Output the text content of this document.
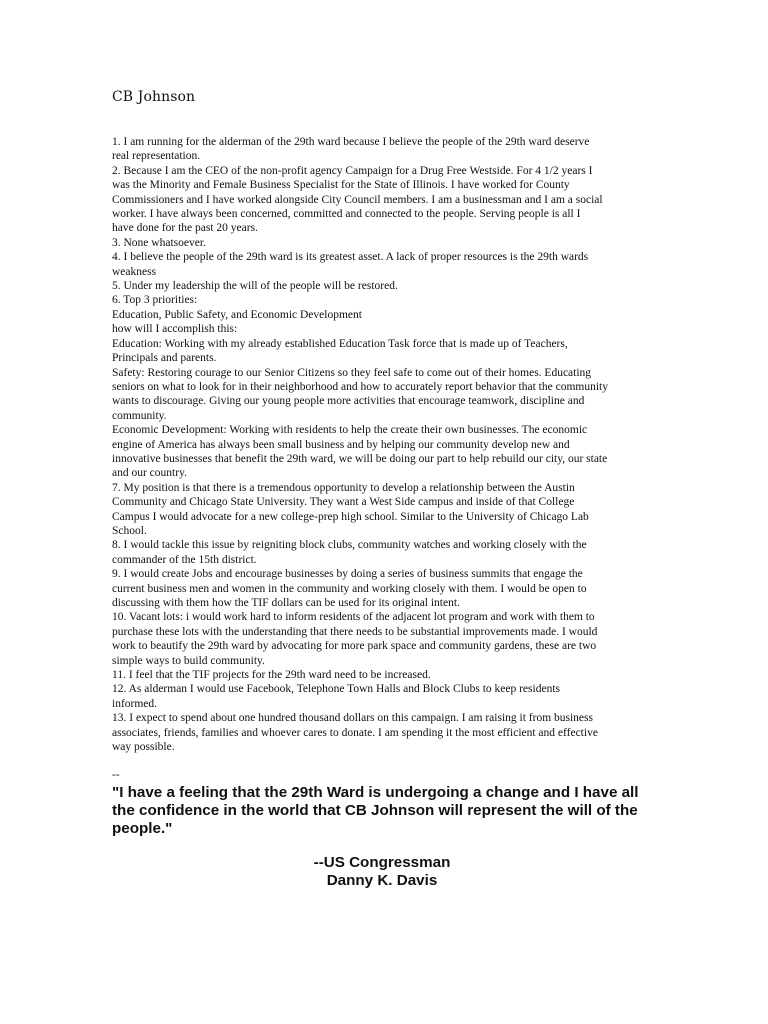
CB Johnson

1. I am running for the alderman of the 29th ward because I believe the people of the 29th ward deserve
real representation.

2. Because I am the CEO of the non-profit agency Campaign for a Drug Free Westside. For 4 1/2 years I
was the Minority and Female Business Specialist for the State of Illinois. I have worked for County
Commissioners and I have worked alongside City Council members. I am a businessman and I am a social
worker. I have always been concerned, committed and connected to the people. Serving people is all I
have done for the past 20 years.

3. None whatsoever.

4. I believe the people of the 29th ward is its greatest asset. A lack of proper resources is the 29th wards
weakness

5. Under my leadership the will of the people will be restored.

6. Top 3 priorities:

Education, Public Safety, and Economic Development

how will I accomplish this:

Education: Working with my already established Education Task force that is made up of Teachers,
Principals and parents.

Safety: Restoring courage to our Senior Citizens so they feel safe to come out of their homes. Educating
seniors on what to look for in their neighborhood and how to accurately report behavior that the community
wants to discourage. Giving our young people more activities that encourage teamwork, discipline and
community.

Economic Development: Working with residents to help the create their own businesses. The economic
engine of America has always been small business and by helping our community develop new and
innovative businesses that benefit the 29th ward, we will be doing our part to help rebuild our city, our state
and our country.

7. My position is that there is a tremendous opportunity to develop a relationship between the Austin
Community and Chicago State University. They want a West Side campus and inside of that College
Campus I would advocate for a new college-prep high school. Similar to the University of Chicago Lab
School.

8. I would tackle this issue by reigniting block clubs, community watches and working closely with the
commander of the 15th district.

9. I would create Jobs and encourage businesses by doing a series of business summits that engage the
current business men and women in the community and working closely with them. I would be open to
discussing with them how the TIF dollars can be used for its original intent.

10. Vacant lots: i would work hard to inform residents of the adjacent lot program and work with them to
purchase these lots with the understanding that there needs to be substantial improvements made. I would
work to beautify the 29th ward by advocating for more park space and community gardens, these are two
simple ways to build community.

11. I feel that the TIF projects for the 29th ward need to be increased.

12. As alderman I would use Facebook, Telephone Town Halls and Block Clubs to keep residents
informed.

13. I expect to spend about one hundred thousand dollars on this campaign. I am raising it from business
associates, friends, families and whoever cares to donate. I am spending it the most efficient and effective
way possible.

--
"I have a feeling that the 29th Ward is undergoing a change and I have all the confidence in the world that CB Johnson will represent the will of the people."
--US Congressman
Danny K. Davis
